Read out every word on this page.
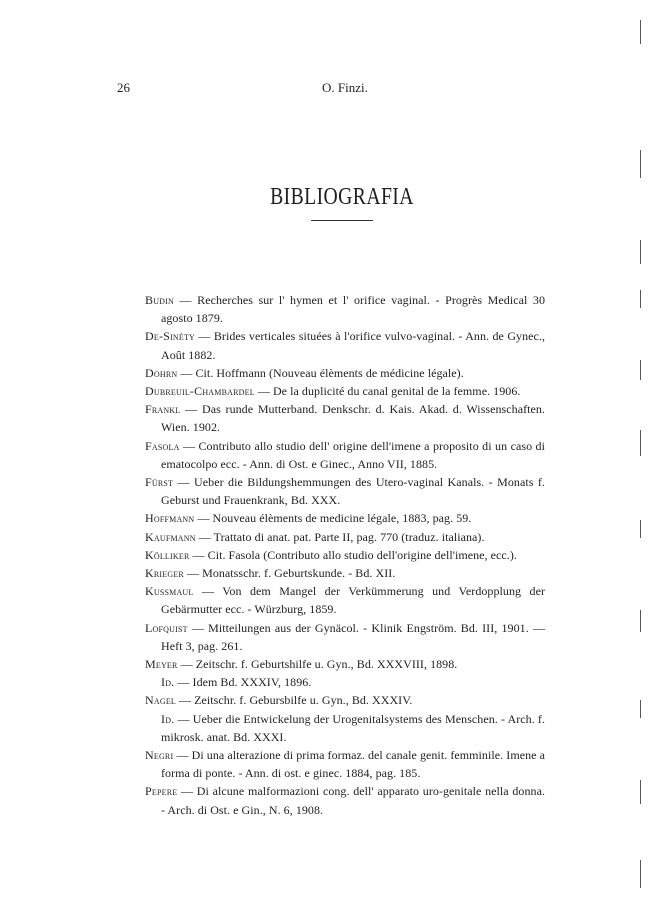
26	O. Finzi.
BIBLIOGRAFIA
Budin — Recherches sur l' hymen et l' orifice vaginal. - Progrès Medical 30 agosto 1879.
De-Sinéty — Brides verticales situées à l'orifice vulvo-vaginal. - Ann. de Gynec., Août 1882.
Dohrn — Cit. Hoffmann (Nouveau élèments de médicine légale).
Dubreuil-Chambardel — De la duplicité du canal genital de la femme. 1906.
Frankl — Das runde Mutterband. Denkschr. d. Kais. Akad. d. Wissenschaften. Wien. 1902.
Fasola — Contributo allo studio dell' origine dell'imene a proposito di un caso di ematocolpo ecc. - Ann. di Ost. e Ginec., Anno VII, 1885.
Fürst — Ueber die Bildungshemmungen des Utero-vaginal Kanals. - Monats f. Geburst und Frauenkrank, Bd. XXX.
Hoffmann — Nouveau élèments de medicine légale, 1883, pag. 59.
Kaufmann — Trattato di anat. pat. Parte II, pag. 770 (traduz. italiana).
Kölliker — Cit. Fasola (Contributo allo studio dell'origine dell'imene, ecc.).
Krieger — Monatsschr. f. Geburtskunde. - Bd. XII.
Kussmaul — Von dem Mangel der Verkümmerung und Verdopplung der Gebärmutter ecc. - Würzburg, 1859.
Lofquist — Mitteilungen aus der Gynäcol. - Klinik Engström. Bd. III, 1901. — Heft 3, pag. 261.
Meyer — Zeitschr. f. Geburtshilfe u. Gyn., Bd. XXXVIII, 1898.
Id. — Idem Bd. XXXIV, 1896.
Nagel — Zeitschr. f. Gebursbilfe u. Gyn., Bd. XXXIV.
Id. — Ueber die Entwickelung der Urogenitalsystems des Menschen. - Arch. f. mikrosk. anat. Bd. XXXI.
Negri — Di una alterazione di prima formaz. del canale genit. femminile. Imene a forma di ponte. - Ann. di ost. e ginec. 1884, pag. 185.
Pepere — Di alcune malformazioni cong. dell' apparato uro-genitale nella donna. - Arch. di Ost. e Gin., N. 6, 1908.
